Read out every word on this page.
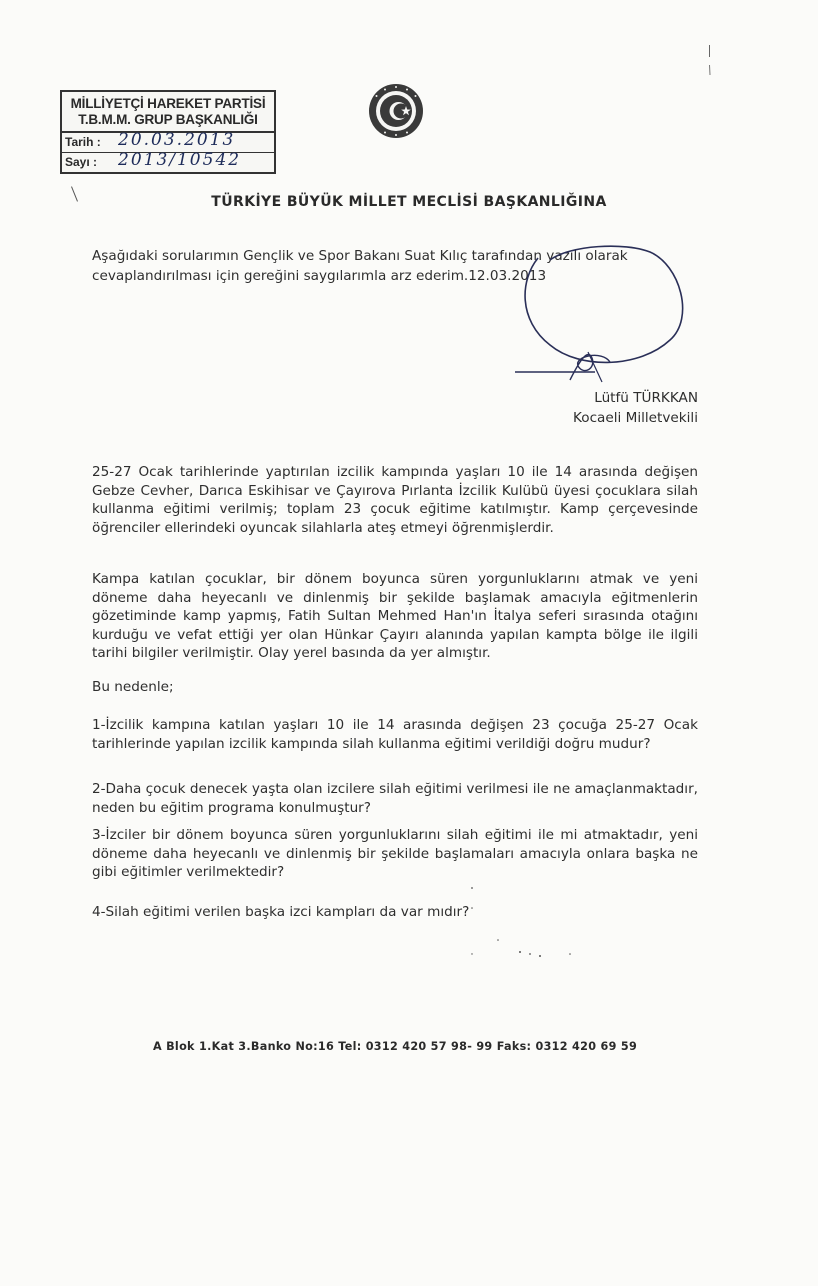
MİLLİYETÇİ HAREKET PARTİSİ
T.B.M.M. GRUP BAŞKANLIĞI
Tarih : 20.03.2013
Sayı : 2013/10542
TÜRKİYE BÜYÜK MİLLET MECLİSİ BAŞKANLIĞINA
Aşağıdaki sorularımın Gençlik ve Spor Bakanı Suat Kılıç tarafından yazılı olarak
cevaplandırılması için gereğini saygılarımla arz ederim.12.03.2013
Lütfü TÜRKKAN
Kocaeli Milletvekili
25-27 Ocak tarihlerinde yaptırılan izcilik kampında yaşları 10 ile 14 arasında değişen Gebze Cevher, Darıca Eskihisar ve Çayırova Pırlanta İzcilik Kulübü üyesi çocuklara silah kullanma eğitimi verilmiş; toplam 23 çocuk eğitime katılmıştır. Kamp çerçevesinde öğrenciler ellerindeki oyuncak silahlarla ateş etmeyi öğrenmişlerdir.
Kampa katılan çocuklar, bir dönem boyunca süren yorgunluklarını atmak ve yeni döneme daha heyecanlı ve dinlenmiş bir şekilde başlamak amacıyla eğitmenlerin gözetiminde kamp yapmış, Fatih Sultan Mehmed Han'ın İtalya seferi sırasında otağını kurduğu ve vefat ettiği yer olan Hünkar Çayırı alanında yapılan kampta bölge ile ilgili tarihi bilgiler verilmiştir. Olay yerel basında da yer almıştır.
Bu nedenle;
1-İzcilik kampına katılan yaşları 10 ile 14 arasında değişen 23 çocuğa 25-27 Ocak tarihlerinde yapılan izcilik kampında silah kullanma eğitimi verildiği doğru mudur?
2-Daha çocuk denecek yaşta olan izcilere silah eğitimi verilmesi ile ne amaçlanmaktadır, neden bu eğitim programa konulmuştur?
3-İzciler bir dönem boyunca süren yorgunluklarını silah eğitimi ile mi atmaktadır, yeni döneme daha heyecanlı ve dinlenmiş bir şekilde başlamaları amacıyla onlara başka ne gibi eğitimler verilmektedir?
4-Silah eğitimi verilen başka izci kampları da var mıdır?
A Blok 1.Kat 3.Banko No:16 Tel: 0312 420 57 98- 99 Faks: 0312 420 69 59
